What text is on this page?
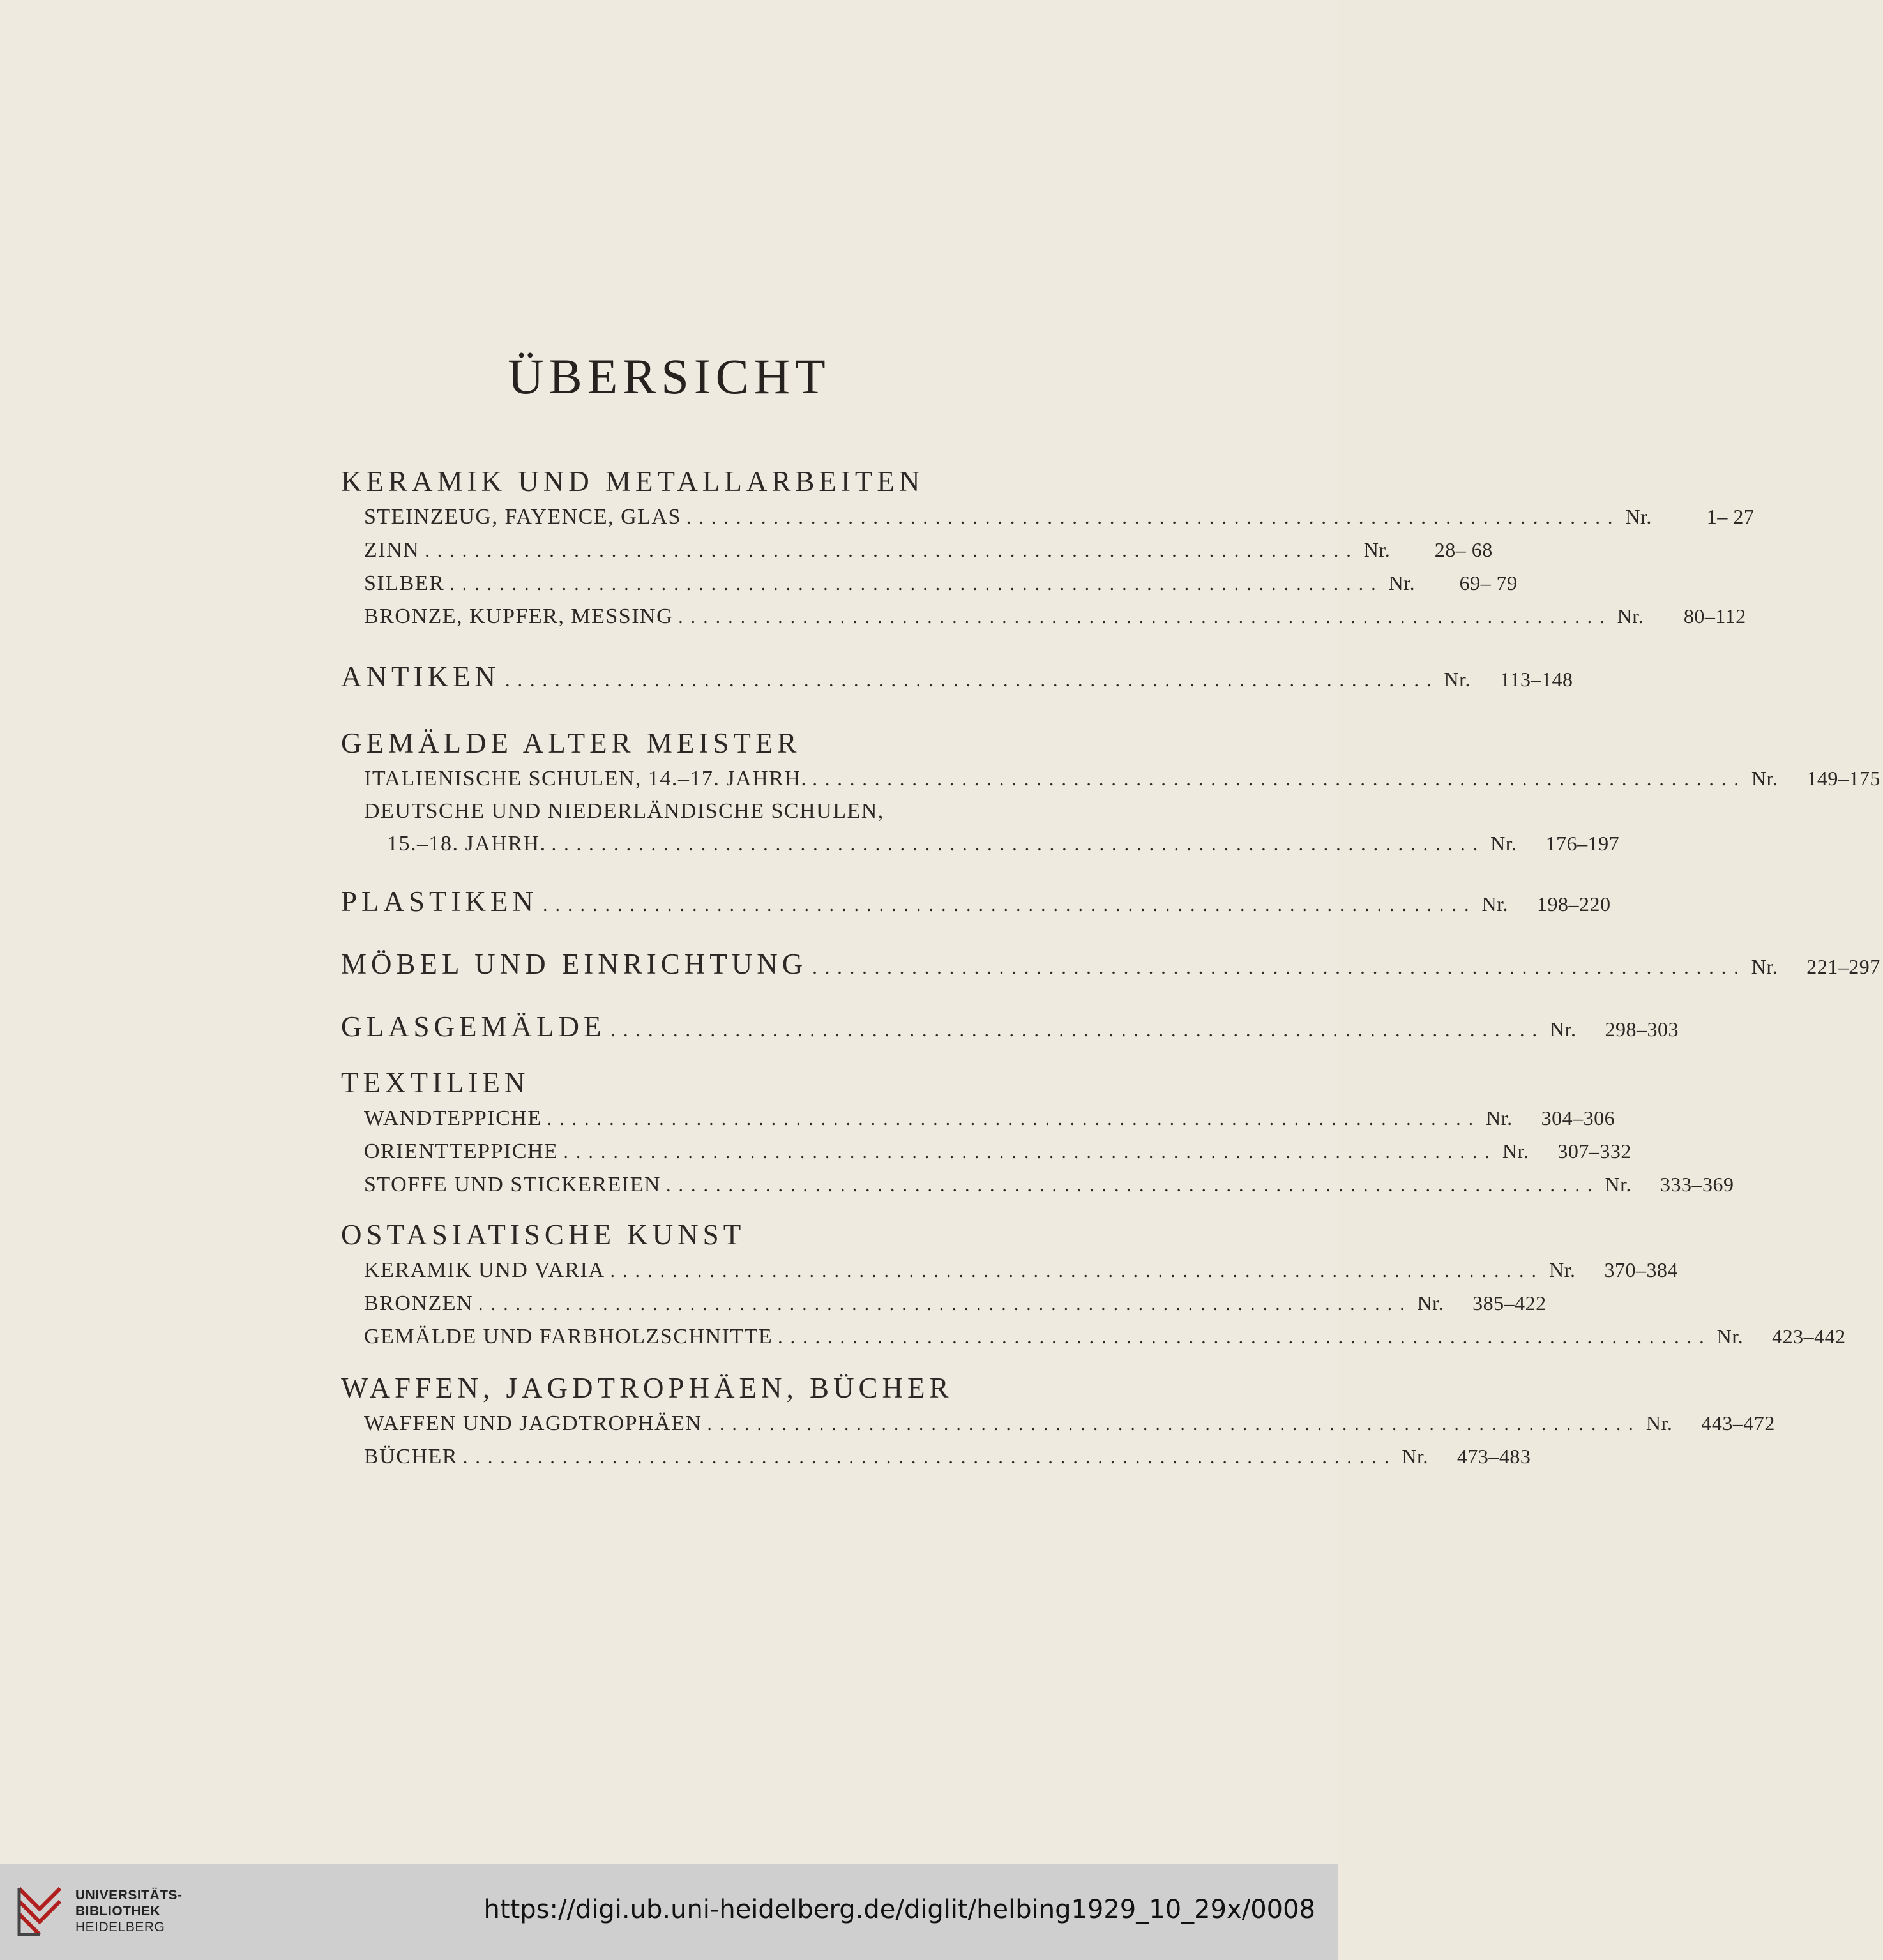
ÜBERSICHT
KERAMIK UND METALLARBEITEN
STEINZEUG, FAYENCE, GLAS ........................................................................... Nr.	1– 27
ZINN ........................................................................... Nr. 28– 68
SILBER ........................................................................... Nr. 69– 79
BRONZE, KUPFER, MESSING ........................................................................... Nr. 80–112
ANTIKEN ........................................................................... Nr. 113–148
GEMÄLDE ALTER MEISTER
ITALIENISCHE SCHULEN, 14.–17. JAHRH. ........................................................................... Nr. 149–175
DEUTSCHE UND NIEDERLÄNDISCHE SCHULEN,
15.–18. JAHRH. ........................................................................... Nr. 176–197
PLASTIKEN ........................................................................... Nr. 198–220
MÖBEL UND EINRICHTUNG ........................................................................... Nr. 221–297
GLASGEMÄLDE ........................................................................... Nr. 298–303
TEXTILIEN
WANDTEPPICHE ........................................................................... Nr. 304–306
ORIENTTEPPICHE ........................................................................... Nr. 307–332
STOFFE UND STICKEREIEN ........................................................................... Nr. 333–369
OSTASIATISCHE KUNST
KERAMIK UND VARIA ........................................................................... Nr. 370–384
BRONZEN ........................................................................... Nr. 385–422
GEMÄLDE UND FARBHOLZSCHNITTE ........................................................................... Nr. 423–442
WAFFEN, JAGDTROPHÄEN, BÜCHER
WAFFEN UND JAGDTROPHÄEN ........................................................................... Nr. 443–472
BÜCHER ........................................................................... Nr. 473–483
UNIVERSITÄTS-
BIBLIOTHEK
HEIDELBERG
https://digi.ub.uni-heidelberg.de/diglit/helbing1929_10_29x/0008
